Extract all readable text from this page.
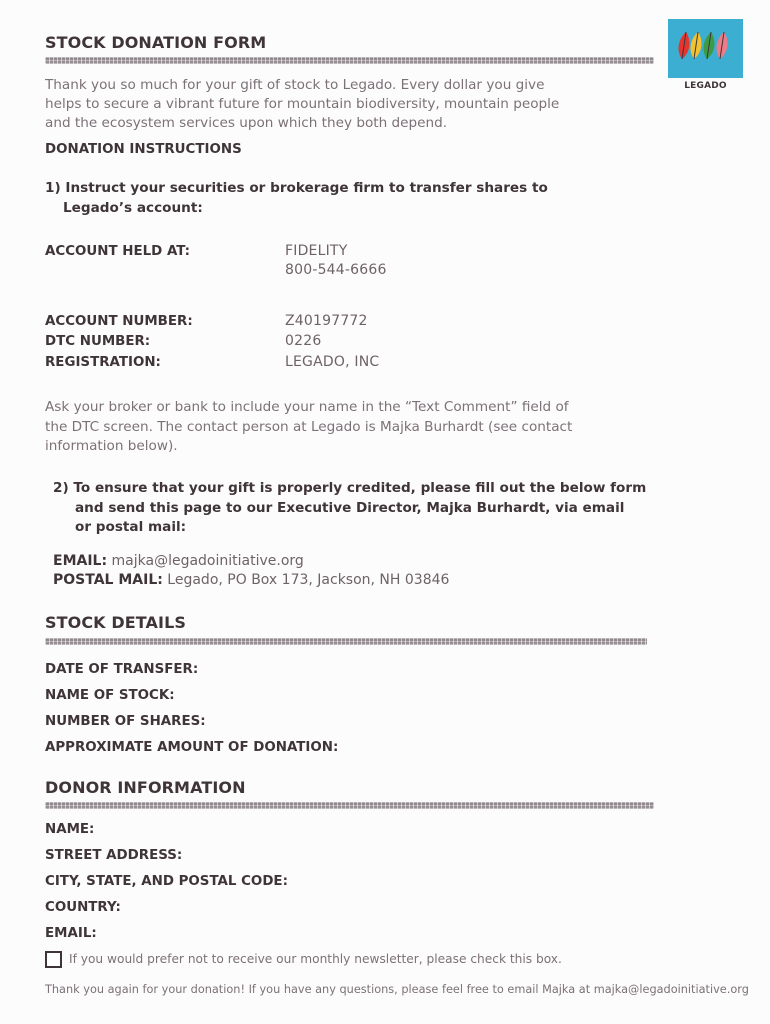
STOCK DONATION FORM
Thank you so much for your gift of stock to Legado. Every dollar you give
helps to secure a vibrant future for mountain biodiversity, mountain people
and the ecosystem services upon which they both depend.
LEGADO
DONATION INSTRUCTIONS
1) Instruct your securities or brokerage firm to transfer shares to
Legado’s account:
ACCOUNT HELD AT:	FIDELITY
800-544-6666
ACCOUNT NUMBER:	Z40197772
DTC NUMBER:	0226
REGISTRATION:	LEGADO, INC
Ask your broker or bank to include your name in the “Text Comment” field of
the DTC screen. The contact person at Legado is Majka Burhardt (see contact
information below).
2) To ensure that your gift is properly credited, please fill out the below form
and send this page to our Executive Director, Majka Burhardt, via email
or postal mail:
EMAIL: majka@legadoinitiative.org
POSTAL MAIL: Legado, PO Box 173, Jackson, NH 03846
STOCK DETAILS
DATE OF TRANSFER:
NAME OF STOCK:
NUMBER OF SHARES:
APPROXIMATE AMOUNT OF DONATION:
DONOR INFORMATION
NAME:
STREET ADDRESS:
CITY, STATE, AND POSTAL CODE:
COUNTRY:
EMAIL:
If you would prefer not to receive our monthly newsletter, please check this box.
Thank you again for your donation! If you have any questions, please feel free to email Majka at majka@legadoinitiative.org
